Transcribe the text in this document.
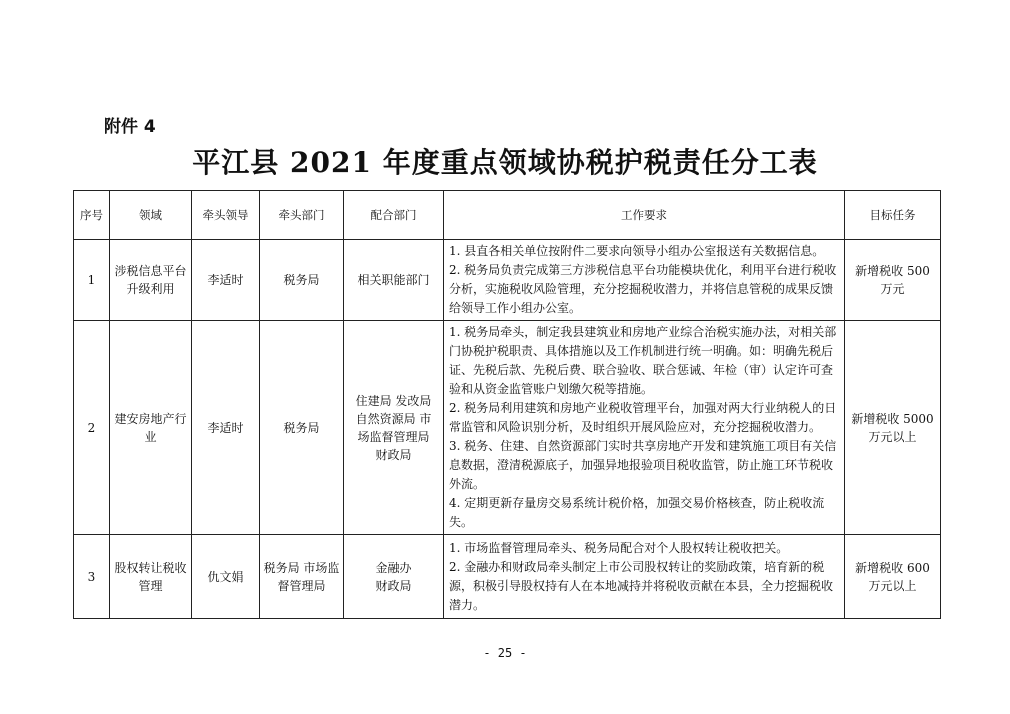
附件 4
平江县 2021 年度重点领域协税护税责任分工表
序号	领域	牵头领导	牵头部门	配合部门	工作要求	目标任务
1	涉税信息平台升级利用	李适时	税务局	相关职能部门	1. 县直各相关单位按附件二要求向领导小组办公室报送有关数据信息。
2. 税务局负责完成第三方涉税信息平台功能模块优化，利用平台进行税收分析，实施税收风险管理，充分挖掘税收潜力，并将信息管税的成果反馈给领导工作小组办公室。	新增税收 500 万元
2	建安房地产行业	李适时	税务局	住建局 发改局 自然资源局 市场监督管理局 财政局	1. 税务局牵头，制定我县建筑业和房地产业综合治税实施办法，对相关部门协税护税职责、具体措施以及工作机制进行统一明确。如：明确先税后证、先税后款、先税后费、联合验收、联合惩诫、年检（审）认定许可查验和从资金监管账户划缴欠税等措施。
2. 税务局利用建筑和房地产业税收管理平台，加强对两大行业纳税人的日常监管和风险识别分析，及时组织开展风险应对，充分挖掘税收潜力。
3. 税务、住建、自然资源部门实时共享房地产开发和建筑施工项目有关信息数据，澄清税源底子，加强异地报验项目税收监管，防止施工环节税收外流。
4. 定期更新存量房交易系统计税价格，加强交易价格核查，防止税收流失。	新增税收 5000 万元以上
3	股权转让税收管理	仇文娟	税务局 市场监督管理局	金融办 财政局	1. 市场监督管理局牵头、税务局配合对个人股权转让税收把关。
2. 金融办和财政局牵头制定上市公司股权转让的奖励政策，培育新的税源，积极引导股权持有人在本地减持并将税收贡献在本县，全力挖掘税收潜力。	新增税收 600 万元以上
- 25 -
